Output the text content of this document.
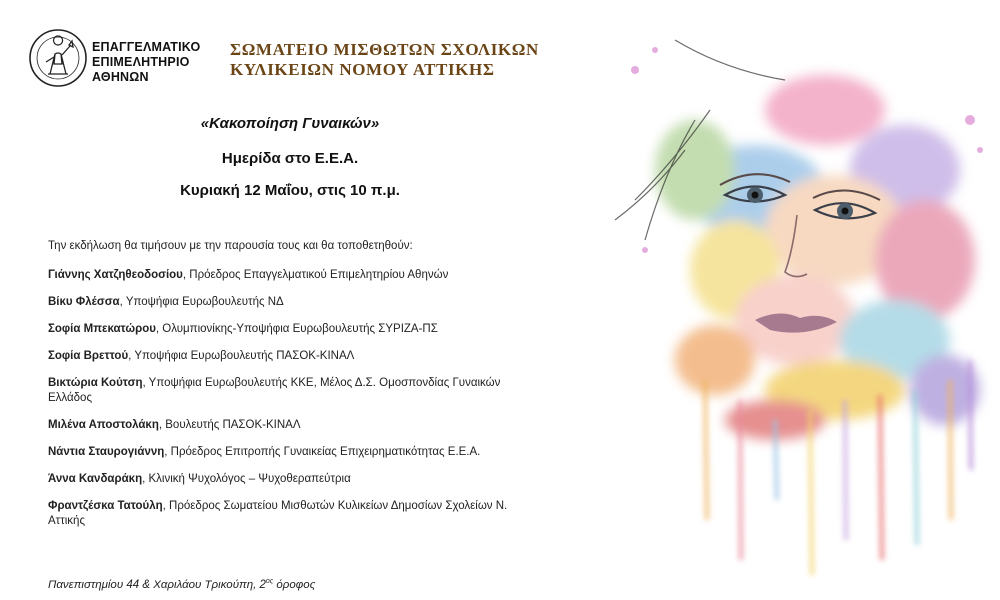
ΕΠΑΓΓΕΛΜΑΤΙΚΟ
ΕΠΙΜΕΛΗΤΗΡΙΟ
ΑΘΗΝΩΝ
ΣΩΜΑΤΕΙΟ ΜΙΣΘΩΤΩΝ ΣΧΟΛΙΚΩΝ
ΚΥΛΙΚΕΙΩΝ ΝΟΜΟΥ ΑΤΤΙΚΗΣ
«Κακοποίηση Γυναικών»
Ημερίδα στο Ε.Ε.Α.
Κυριακή 12 Μαΐου, στις 10 π.μ.
Την εκδήλωση θα τιμήσουν με την παρουσία τους και θα τοποθετηθούν:
Γιάννης Χατζηθεοδοσίου, Πρόεδρος Επαγγελματικού Επιμελητηρίου Αθηνών
Βίκυ Φλέσσα, Υποψήφια Ευρωβουλευτής ΝΔ
Σοφία Μπεκατώρου, Ολυμπιονίκης-Υποψήφια Ευρωβουλευτής ΣΥΡΙΖΑ-ΠΣ
Σοφία Βρεττού, Υποψήφια Ευρωβουλευτής ΠΑΣΟΚ-ΚΙΝΑΛ
Βικτώρια Κούτση, Υποψήφια Ευρωβουλευτής ΚΚΕ, Μέλος Δ.Σ. Ομοσπονδίας Γυναικών Ελλάδος
Μιλένα Αποστολάκη, Βουλευτής ΠΑΣΟΚ-ΚΙΝΑΛ
Νάντια Σταυρογιάννη, Πρόεδρος Επιτροπής Γυναικείας Επιχειρηματικότητας Ε.Ε.Α.
Άννα Κανδαράκη, Κλινική Ψυχολόγος – Ψυχοθεραπεύτρια
Φραντζέσκα Τατούλη, Πρόεδρος Σωματείου Μισθωτών Κυλικείων Δημοσίων Σχολείων Ν. Αττικής
Πανεπιστημίου 44 & Χαριλάου Τρικούπη, $2^{o\varsigma}$ όροφος
